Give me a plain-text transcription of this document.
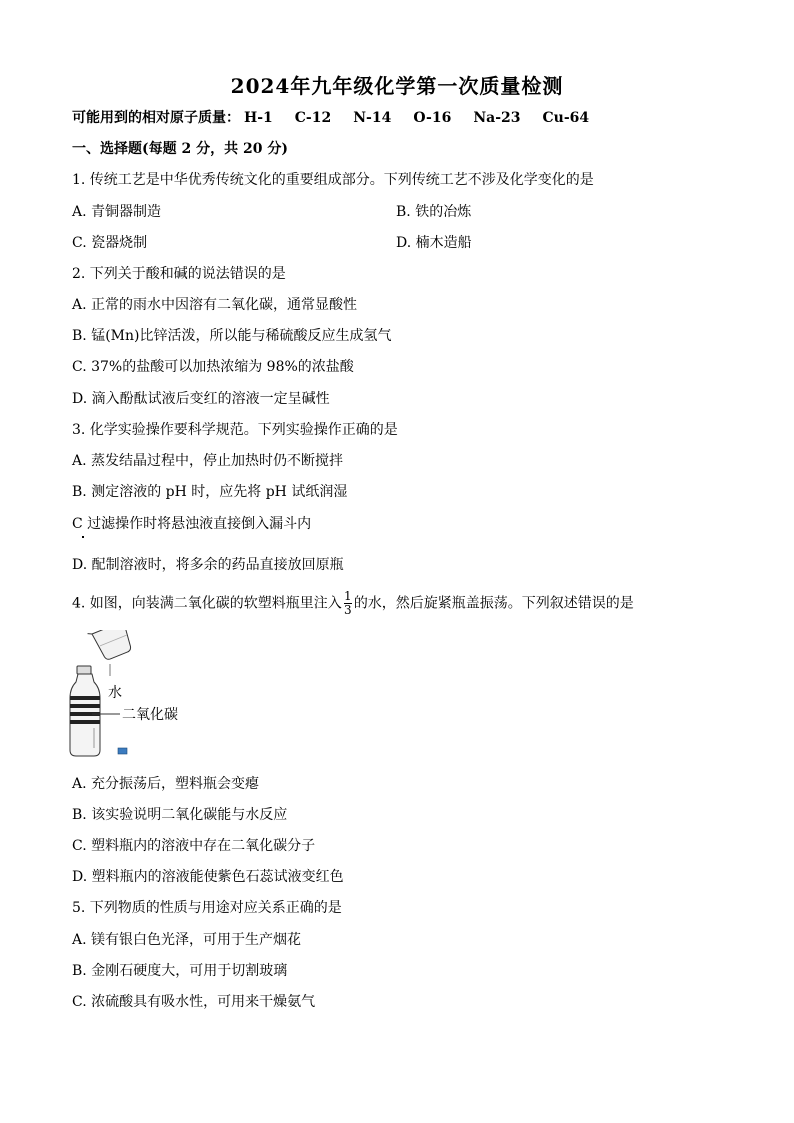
2024年九年级化学第一次质量检测
可能用到的相对原子质量： H-1 C-12 N-14 O-16 Na-23 Cu-64
一、选择题(每题 2 分，共 20 分)
1. 传统工艺是中华优秀传统文化的重要组成部分。下列传统工艺不涉及化学变化的是
A. 青铜器制造	B. 铁的冶炼
C. 瓷器烧制	D. 楠木造船
2. 下列关于酸和碱的说法错误的是
A. 正常的雨水中因溶有二氧化碳，通常显酸性
B. 锰(Mn)比锌活泼，所以能与稀硫酸反应生成氢气
C. 37%的盐酸可以加热浓缩为 98%的浓盐酸
D. 滴入酚酞试液后变红的溶液一定呈碱性
3. 化学实验操作要科学规范。下列实验操作正确的是
A. 蒸发结晶过程中，停止加热时仍不断搅拌
B. 测定溶液的 pH 时，应先将 pH 试纸润湿
C 过滤操作时将悬浊液直接倒入漏斗内
D. 配制溶液时，将多余的药品直接放回原瓶
4. 如图，向装满二氧化碳的软塑料瓶里注入 $\frac{1}{3}$ 的水，然后旋紧瓶盖振荡。下列叙述错误的是
水
二氧化碳
A. 充分振荡后，塑料瓶会变瘪
B. 该实验说明二氧化碳能与水反应
C. 塑料瓶内的溶液中存在二氧化碳分子
D. 塑料瓶内的溶液能使紫色石蕊试液变红色
5. 下列物质的性质与用途对应关系正确的是
A. 镁有银白色光泽，可用于生产烟花
B. 金刚石硬度大，可用于切割玻璃
C. 浓硫酸具有吸水性，可用来干燥氨气
